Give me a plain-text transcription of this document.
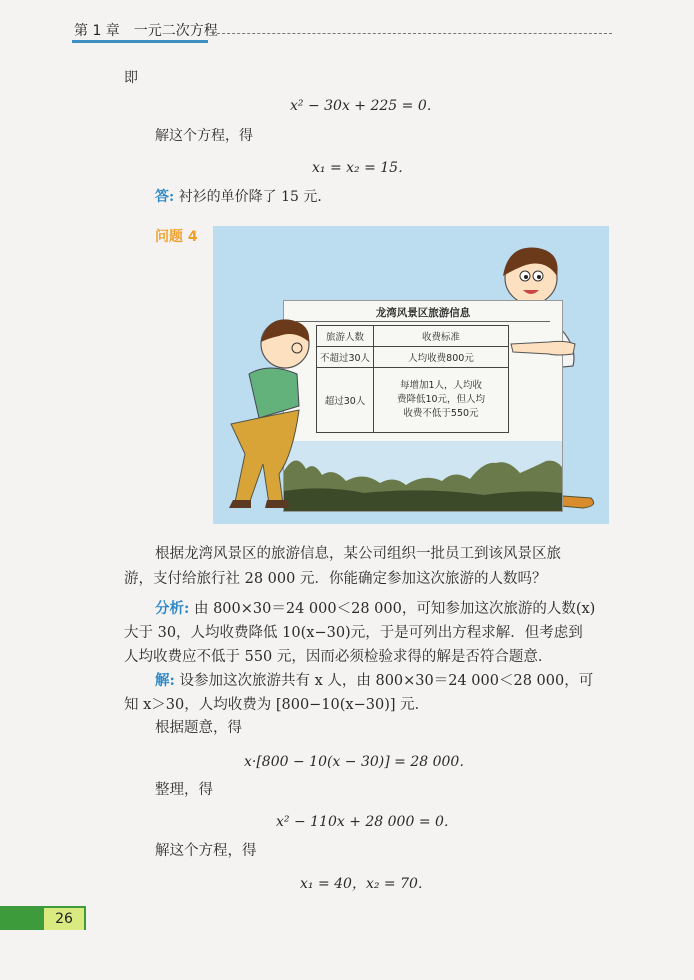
第 1 章　一元二次方程
即
x² − 30x + 225 = 0．
解这个方程，得
x₁ = x₂ = 15．
答: 衬衫的单价降了 15 元．
问题 4
龙湾风景区旅游信息
旅游人数	收费标准
不超过30人	人均收费800元
超过30人	每增加1人，人均收
费降低10元，但人均
收费不低于550元
根据龙湾风景区的旅游信息，某公司组织一批员工到该风景区旅
游，支付给旅行社 28 000 元．你能确定参加这次旅游的人数吗？
分析: 由 800×30＝24 000＜28 000，可知参加这次旅游的人数(x)
大于 30，人均收费降低 10(x−30)元，于是可列出方程求解．但考虑到
人均收费应不低于 550 元，因而必须检验求得的解是否符合题意．
解: 设参加这次旅游共有 x 人，由 800×30＝24 000＜28 000，可
知 x＞30，人均收费为 [800−10(x−30)] 元．
根据题意，得
x·[800 − 10(x − 30)] = 28 000．
整理，得
x² − 110x + 28 000 = 0．
解这个方程，得
x₁ = 40，x₂ = 70．
26
